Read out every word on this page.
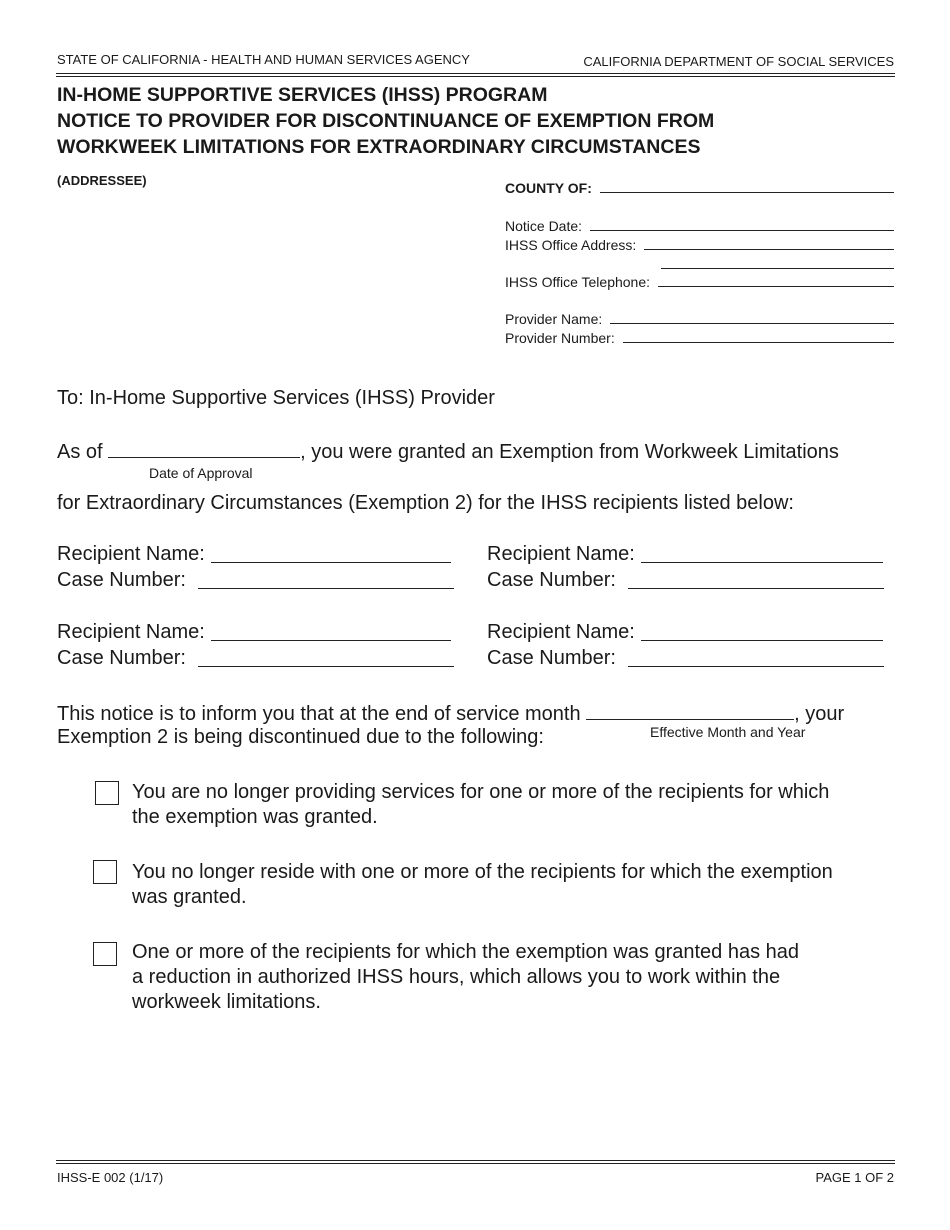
STATE OF CALIFORNIA - HEALTH AND HUMAN SERVICES AGENCY	CALIFORNIA DEPARTMENT OF SOCIAL SERVICES
IN-HOME SUPPORTIVE SERVICES (IHSS) PROGRAM
NOTICE TO PROVIDER FOR DISCONTINUANCE OF EXEMPTION FROM
WORKWEEK LIMITATIONS FOR EXTRAORDINARY CIRCUMSTANCES
(ADDRESSEE)	COUNTY OF:
Notice Date:
IHSS Office Address:
IHSS Office Telephone:
Provider Name:
Provider Number:
To: In-Home Supportive Services (IHSS) Provider
As of	, you were granted an Exemption from Workweek Limitations
Date of Approval
for Extraordinary Circumstances (Exemption 2) for the IHSS recipients listed below:
Recipient Name:
Case Number:
Recipient Name:
Case Number:
Recipient Name:
Case Number:
Recipient Name:
Case Number:
This notice is to inform you that at the end of service month	, your
Exemption 2 is being discontinued due to the following:	Effective Month and Year
You are no longer providing services for one or more of the recipients for which
the exemption was granted.
You no longer reside with one or more of the recipients for which the exemption
was granted.
One or more of the recipients for which the exemption was granted has had
a reduction in authorized IHSS hours, which allows you to work within the
workweek limitations.
IHSS-E 002 (1/17)	PAGE 1 OF 2
